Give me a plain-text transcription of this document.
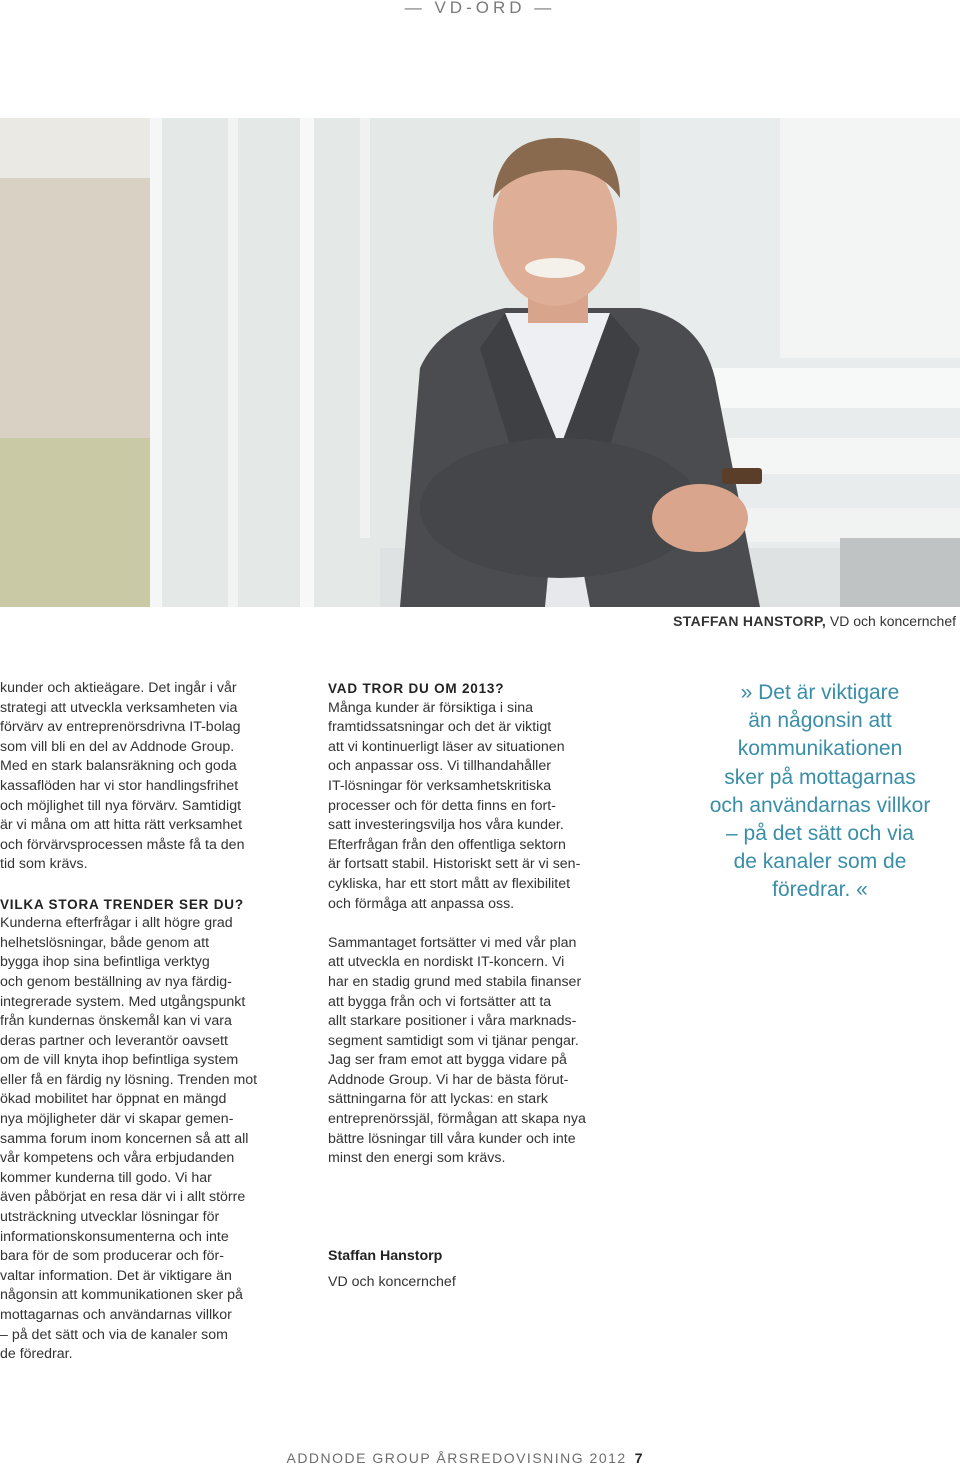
— VD-ORD —
STAFFAN HANSTORP, VD och koncernchef

kunder och aktieägare. Det ingår i vår
strategi att utveckla verksamheten via
förvärv av entreprenörsdrivna IT-bolag
som vill bli en del av Addnode Group.
Med en stark balansräkning och goda
kassaflöden har vi stor handlingsfrihet
och möjlighet till nya förvärv. Samtidigt
är vi måna om att hitta rätt verksamhet
och förvärvsprocessen måste få ta den
tid som krävs.

VILKA STORA TRENDER SER DU?

Kunderna efterfrågar i allt högre grad
helhetslösningar, både genom att
bygga ihop sina befintliga verktyg
och genom beställning av nya färdig-
integrerade system. Med utgångspunkt
från kundernas önskemål kan vi vara
deras partner och leverantör oavsett
om de vill knyta ihop befintliga system
eller få en färdig ny lösning. Trenden mot
ökad mobilitet har öppnat en mängd
nya möjligheter där vi skapar gemen-
samma forum inom koncernen så att all
vår kompetens och våra erbjudanden
kommer kunderna till godo. Vi har
även påbörjat en resa där vi i allt större
utsträckning utvecklar lösningar för
informationskonsumenterna och inte
bara för de som producerar och för-
valtar information. Det är viktigare än
någonsin att kommunikationen sker på
mottagarnas och användarnas villkor
– på det sätt och via de kanaler som
de föredrar.

VAD TROR DU OM 2013?

Många kunder är försiktiga i sina
framtidssatsningar och det är viktigt
att vi kontinuerligt läser av situationen
och anpassar oss. Vi tillhandahåller
IT-lösningar för verksamhetskritiska
processer och för detta finns en fort-
satt investeringsvilja hos våra kunder.
Efterfrågan från den offentliga sektorn
är fortsatt stabil. Historiskt sett är vi sen-
cykliska, har ett stort mått av flexibilitet
och förmåga att anpassa oss.

Sammantaget fortsätter vi med vår plan
att utveckla en nordiskt IT-koncern. Vi
har en stadig grund med stabila finanser
att bygga från och vi fortsätter att ta
allt starkare positioner i våra marknads-
segment samtidigt som vi tjänar pengar.
Jag ser fram emot att bygga vidare på
Addnode Group. Vi har de bästa förut-
sättningarna för att lyckas: en stark
entreprenörssjäl, förmågan att skapa nya
bättre lösningar till våra kunder och inte
minst den energi som krävs.

Staffan Hanstorp

VD och koncernchef

» Det är viktigare
än någonsin att
kommunikationen
sker på mottagarnas
och användarnas villkor
– på det sätt och via
de kanaler som de
föredrar. «
ADDNODE GROUP ÅRSREDOVISNING 2012 7
